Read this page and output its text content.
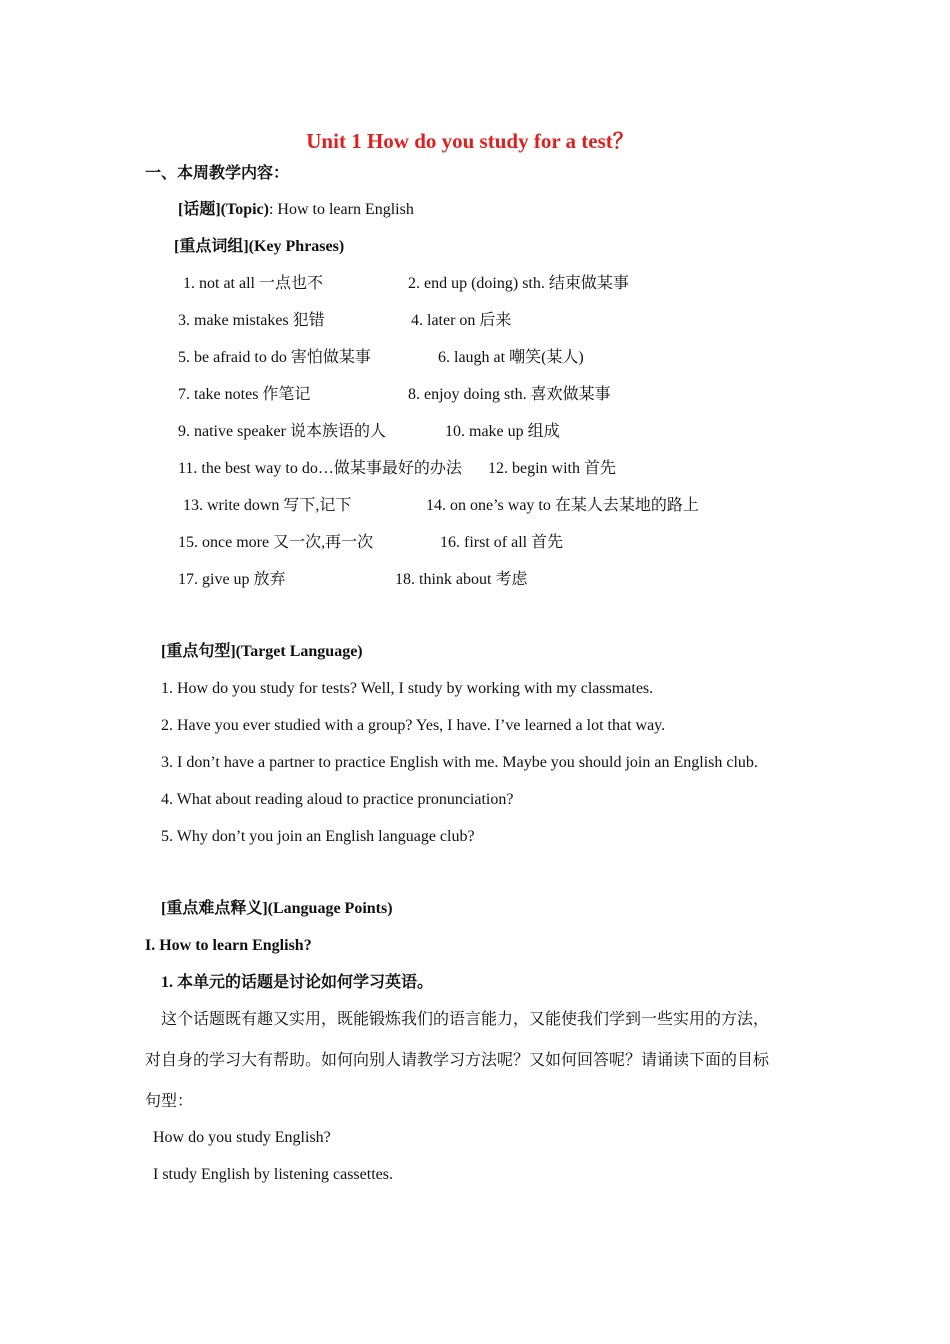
Unit 1 How do you study for a test？
一、本周教学内容：
[话题](Topic): How to learn English
[重点词组](Key Phrases)
1. not at all 一点也不	2. end up (doing) sth. 结束做某事
3. make mistakes 犯错	4. later on 后来
5. be afraid to do 害怕做某事	6. laugh at 嘲笑(某人)
7. take notes 作笔记	8. enjoy doing sth. 喜欢做某事
9. native speaker 说本族语的人	10. make up 组成
11. the best way to do…做某事最好的办法 12. begin with 首先
13. write down 写下,记下	14. on one’s way to 在某人去某地的路上
15. once more 又一次,再一次	16. first of all 首先
17. give up 放弃	18. think about 考虑
[重点句型](Target Language)
1. How do you study for tests? Well, I study by working with my classmates.
2. Have you ever studied with a group? Yes, I have. I’ve learned a lot that way.
3. I don’t have a partner to practice English with me. Maybe you should join an English club.
4. What about reading aloud to practice pronunciation?
5. Why don’t you join an English language club?
[重点难点释义](Language Points)
I. How to learn English?
1. 本单元的话题是讨论如何学习英语。
这个话题既有趣又实用，既能锻炼我们的语言能力，又能使我们学到一些实用的方法，
对自身的学习大有帮助。如何向别人请教学习方法呢？又如何回答呢？请诵读下面的目标
句型：
How do you study English?
I study English by listening cassettes.
